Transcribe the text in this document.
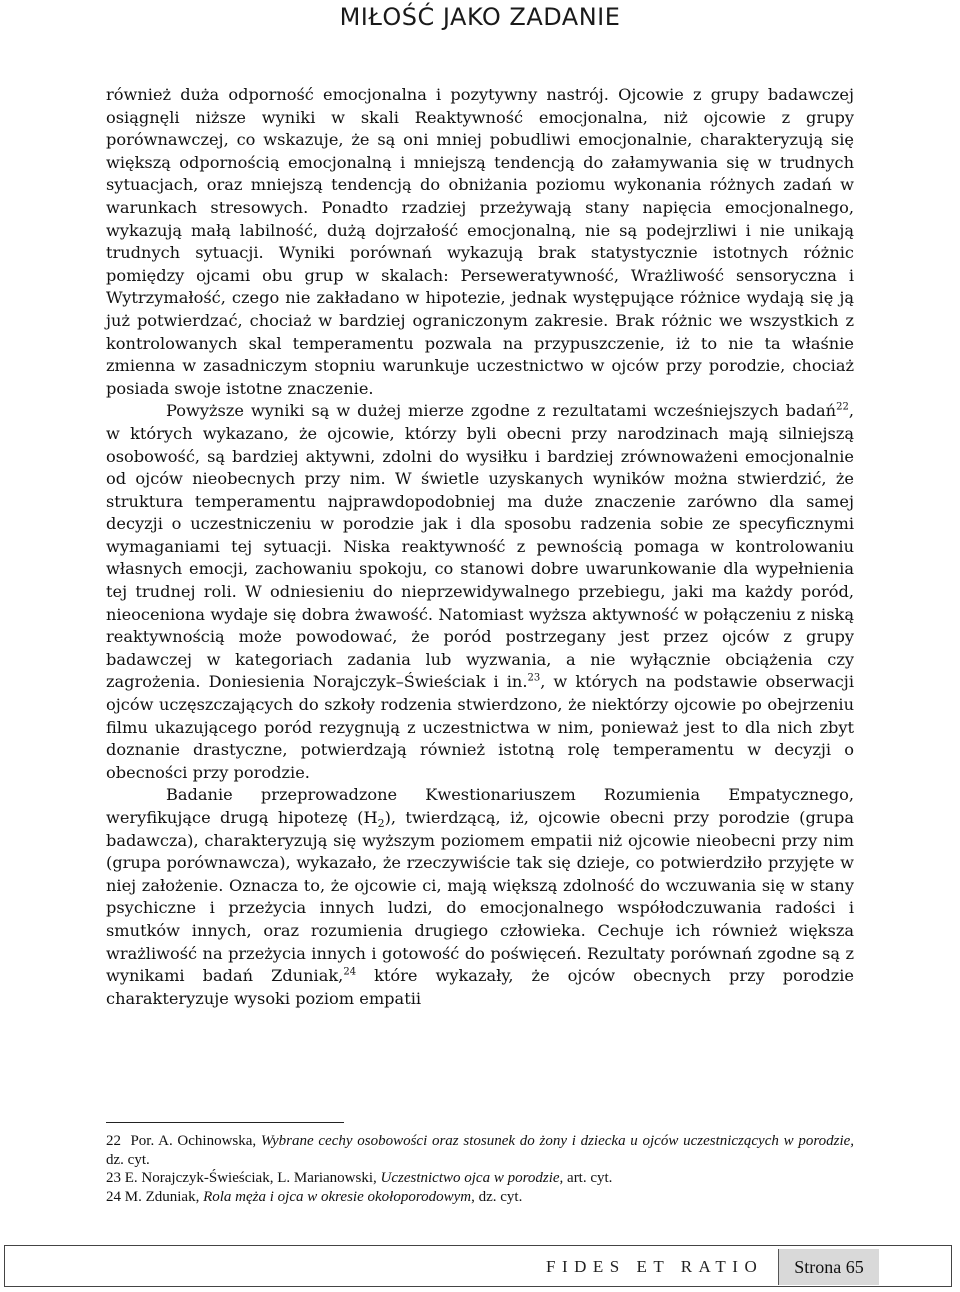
MIŁOŚĆ JAKO ZADANIE

również duża odporność emocjonalna i pozytywny nastrój. Ojcowie z grupy badawczej osiągnęli niższe wyniki w skali Reaktywność emocjonalna, niż ojcowie z grupy porównawczej, co wskazuje, że są oni mniej pobudliwi emocjonalnie, charakteryzują się większą odpornością emocjonalną i mniejszą tendencją do załamywania się w trudnych sytuacjach, oraz mniejszą tendencją do obniżania poziomu wykonania różnych zadań w warunkach stresowych. Ponadto rzadziej przeżywają stany napięcia emocjonalnego, wykazują małą labilność, dużą dojrzałość emocjonalną, nie są podejrzliwi i nie unikają trudnych sytuacji. Wyniki porównań wykazują brak statystycznie istotnych różnic pomiędzy ojcami obu grup w skalach: Perseweratywność, Wrażliwość sensoryczna i Wytrzymałość, czego nie zakładano w hipotezie, jednak występujące różnice wydają się ją już potwierdzać, chociaż w bardziej ograniczonym zakresie. Brak różnic we wszystkich z kontrolowanych skal temperamentu pozwala na przypuszczenie, iż to nie ta właśnie zmienna w zasadniczym stopniu warunkuje uczestnictwo w ojców przy porodzie, chociaż posiada swoje istotne znaczenie.

Powyższe wyniki są w dużej mierze zgodne z rezultatami wcześniejszych badań$^{22}$, w których wykazano, że ojcowie, którzy byli obecni przy narodzinach mają silniejszą osobowość, są bardziej aktywni, zdolni do wysiłku i bardziej zrównoważeni emocjonalnie od ojców nieobecnych przy nim. W świetle uzyskanych wyników można stwierdzić, że struktura temperamentu najprawdopodobniej ma duże znaczenie zarówno dla samej decyzji o uczestniczeniu w porodzie jak i dla sposobu radzenia sobie ze specyficznymi wymaganiami tej sytuacji. Niska reaktywność z pewnością pomaga w kontrolowaniu własnych emocji, zachowaniu spokoju, co stanowi dobre uwarunkowanie dla wypełnienia tej trudnej roli. W odniesieniu do nieprzewidywalnego przebiegu, jaki ma każdy poród, nieoceniona wydaje się dobra żwawość. Natomiast wyższa aktywność w połączeniu z niską reaktywnością może powodować, że poród postrzegany jest przez ojców z grupy badawczej w kategoriach zadania lub wyzwania, a nie wyłącznie obciążenia czy zagrożenia. Doniesienia Norajczyk–Świeściak i in.$^{23}$, w których na podstawie obserwacji ojców uczęszczających do szkoły rodzenia stwierdzono, że niektórzy ojcowie po obejrzeniu filmu ukazującego poród rezygnują z uczestnictwa w nim, ponieważ jest to dla nich zbyt doznanie drastyczne, potwierdzają również istotną rolę temperamentu w decyzji o obecności przy porodzie.

Badanie przeprowadzone Kwestionariuszem Rozumienia Empatycznego, weryfikujące drugą hipotezę $(H_2)$, twierdzącą, iż, ojcowie obecni przy porodzie (grupa badawcza), charakteryzują się wyższym poziomem empatii niż ojcowie nieobecni przy nim (grupa porównawcza), wykazało, że rzeczywiście tak się dzieje, co potwierdziło przyjęte w niej założenie. Oznacza to, że ojcowie ci, mają większą zdolność do wczuwania się w stany psychiczne i przeżycia innych ludzi, do emocjonalnego współodczuwania radości i smutków innych, oraz rozumienia drugiego człowieka. Cechuje ich również większa wrażliwość na przeżycia innych i gotowość do poświęceń. Rezultaty porównań zgodne są z wynikami badań Zduniak,$^{24}$ które wykazały, że ojców obecnych przy porodzie charakteryzuje wysoki poziom empatii

22 Por. A. Ochinowska, Wybrane cechy osobowości oraz stosunek do żony i dziecka u ojców uczestniczących w porodzie, dz. cyt.

23 E. Norajczyk-Świeściak, L. Marianowski, Uczestnictwo ojca w porodzie, art. cyt.

24 M. Zduniak, Rola męża i ojca w okresie okołoporodowym, dz. cyt.

FIDES ET RATIO	Strona 65
